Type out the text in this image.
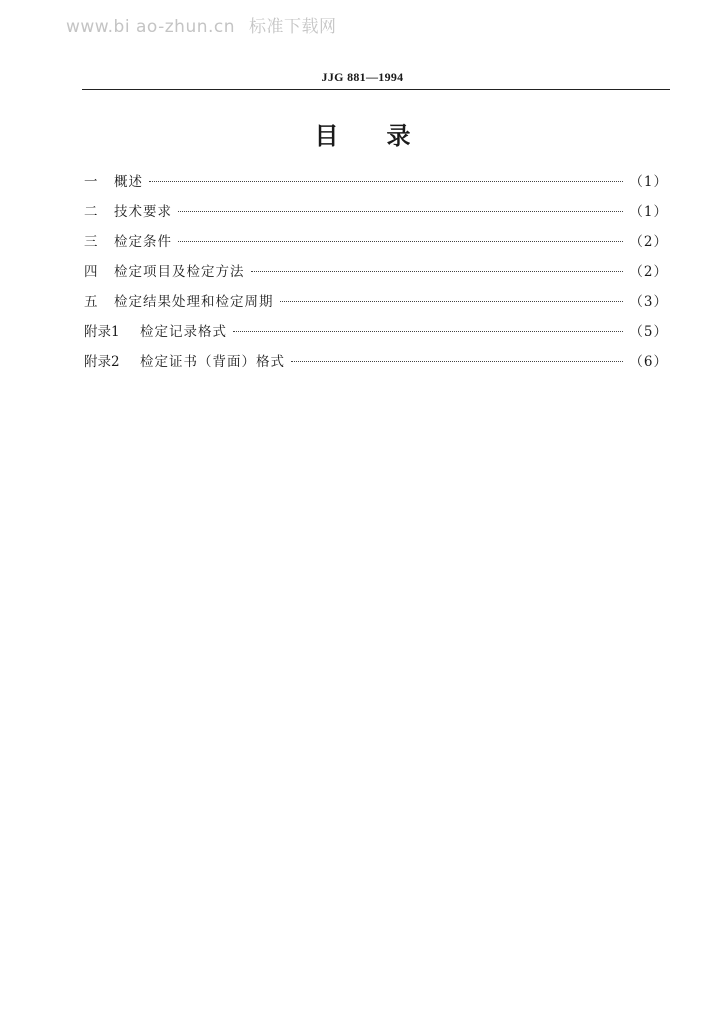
www.bi ao-zhun.cn 标准下载网
JJG 881—1994
目录
一	概述	（1）
二	技术要求	（1）
三	检定条件	（2）
四	检定项目及检定方法	（2）
五	检定结果处理和检定周期	（3）
附录1	检定记录格式	（5）
附录2	检定证书（背面）格式	（6）
